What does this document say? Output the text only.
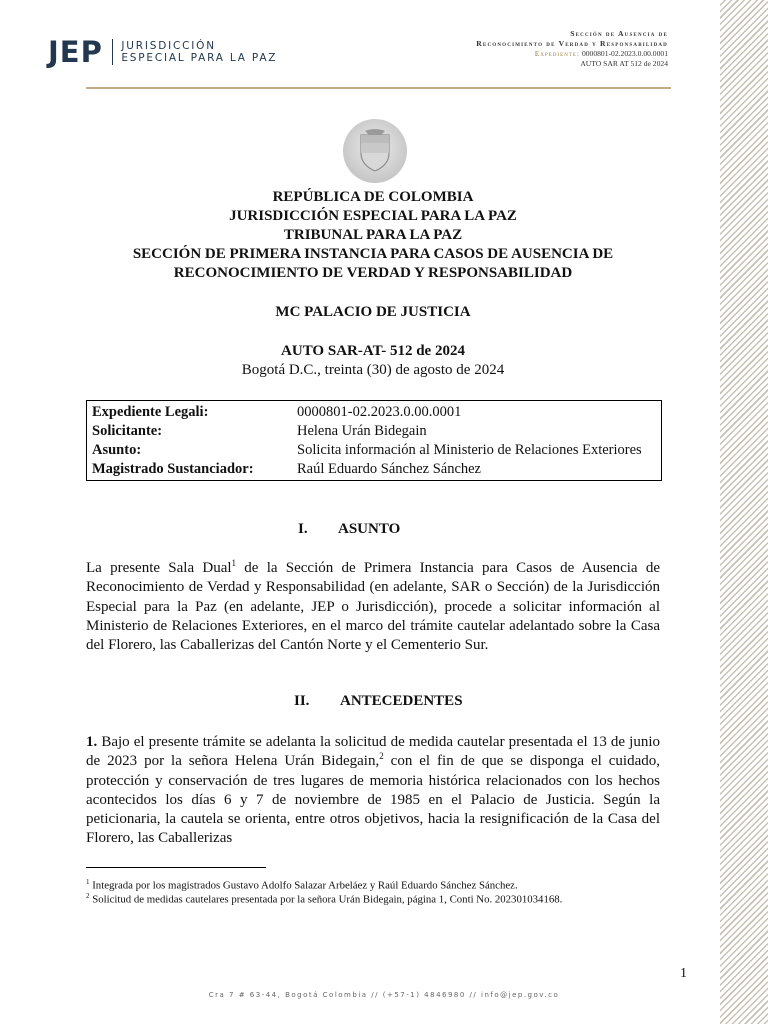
JEP JURISDICCIÓN
ESPECIAL PARA LA PAZ
Sección de Ausencia de
Reconocimiento de Verdad y Responsabilidad
Expediente: 0000801-02.2023.0.00.0001
AUTO SAR AT 512 de 2024
REPÚBLICA DE COLOMBIA
JURISDICCIÓN ESPECIAL PARA LA PAZ
TRIBUNAL PARA LA PAZ
SECCIÓN DE PRIMERA INSTANCIA PARA CASOS DE AUSENCIA DE
RECONOCIMIENTO DE VERDAD Y RESPONSABILIDAD
MC PALACIO DE JUSTICIA
AUTO SAR-AT- 512 de 2024
Bogotá D.C., treinta (30) de agosto de 2024
Expediente Legali:	0000801-02.2023.0.00.0001
Solicitante:	Helena Urán Bidegain
Asunto:	Solicita información al Ministerio de Relaciones Exteriores
Magistrado Sustanciador:	Raúl Eduardo Sánchez Sánchez
I. ASUNTO
La presente Sala Dual$^1$ de la Sección de Primera Instancia para Casos de Ausencia de Reconocimiento de Verdad y Responsabilidad (en adelante, SAR o Sección) de la Jurisdicción Especial para la Paz (en adelante, JEP o Jurisdicción), procede a solicitar información al Ministerio de Relaciones Exteriores, en el marco del trámite cautelar adelantado sobre la Casa del Florero, las Caballerizas del Cantón Norte y el Cementerio Sur.
II. ANTECEDENTES
1. Bajo el presente trámite se adelanta la solicitud de medida cautelar presentada el 13 de junio de 2023 por la señora Helena Urán Bidegain,$^2$ con el fin de que se disponga el cuidado, protección y conservación de tres lugares de memoria histórica relacionados con los hechos acontecidos los días 6 y 7 de noviembre de 1985 en el Palacio de Justicia. Según la peticionaria, la cautela se orienta, entre otros objetivos, hacia la resignificación de la Casa del Florero, las Caballerizas
$^1$ Integrada por los magistrados Gustavo Adolfo Salazar Arbeláez y Raúl Eduardo Sánchez Sánchez.
$^2$ Solicitud de medidas cautelares presentada por la señora Urán Bidegain, página 1, Conti No. 202301034168.
1
Cra 7 # 63-44, Bogotá Colombia // (+57-1) 4846980 // info@jep.gov.co
